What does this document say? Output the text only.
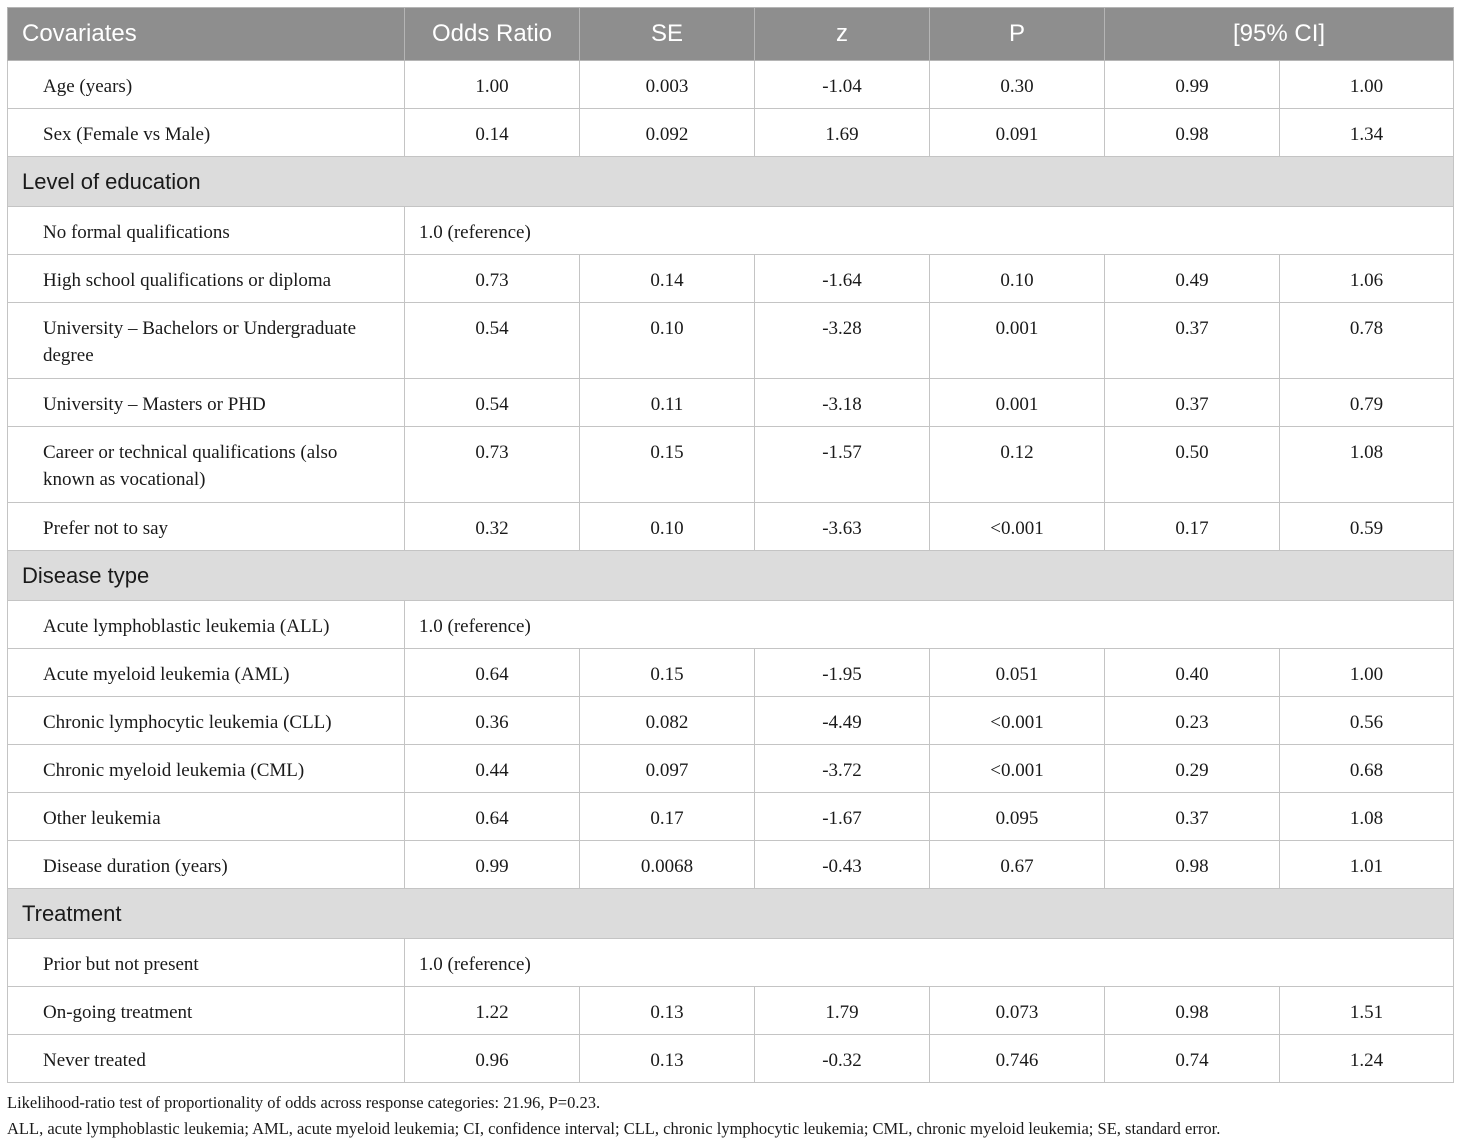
Covariates	Odds Ratio	SE	z	P	[95% CI]	

Age (years)	1.00	0.003	-1.04	0.30	0.99	1.00

Sex (Female vs Male)	0.14	0.092	1.69	0.091	0.98	1.34

Level of education						

No formal qualifications	1.0 (reference)					

High school qualifications or diploma	0.73	0.14	-1.64	0.10	0.49	1.06

University – Bachelors or Undergraduate degree	0.54	0.10	-3.28	0.001	0.37	0.78

University – Masters or PHD	0.54	0.11	-3.18	0.001	0.37	0.79

Career or technical qualifications (also known as vocational)	0.73	0.15	-1.57	0.12	0.50	1.08

Prefer not to say	0.32	0.10	-3.63	<0.001	0.17	0.59

Disease type						

Acute lymphoblastic leukemia (ALL)	1.0 (reference)					

Acute myeloid leukemia (AML)	0.64	0.15	-1.95	0.051	0.40	1.00

Chronic lymphocytic leukemia (CLL)	0.36	0.082	-4.49	<0.001	0.23	0.56

Chronic myeloid leukemia (CML)	0.44	0.097	-3.72	<0.001	0.29	0.68

Other leukemia	0.64	0.17	-1.67	0.095	0.37	1.08

Disease duration (years)	0.99	0.0068	-0.43	0.67	0.98	1.01

Treatment						

Prior but not present	1.0 (reference)					

On-going treatment	1.22	0.13	1.79	0.073	0.98	1.51

Never treated	0.96	0.13	-0.32	0.746	0.74	1.24
Likelihood-ratio test of proportionality of odds across response categories: 21.96, P=0.23.
ALL, acute lymphoblastic leukemia; AML, acute myeloid leukemia; CI, confidence interval; CLL, chronic lymphocytic leukemia; CML, chronic myeloid leukemia; SE, standard error.
